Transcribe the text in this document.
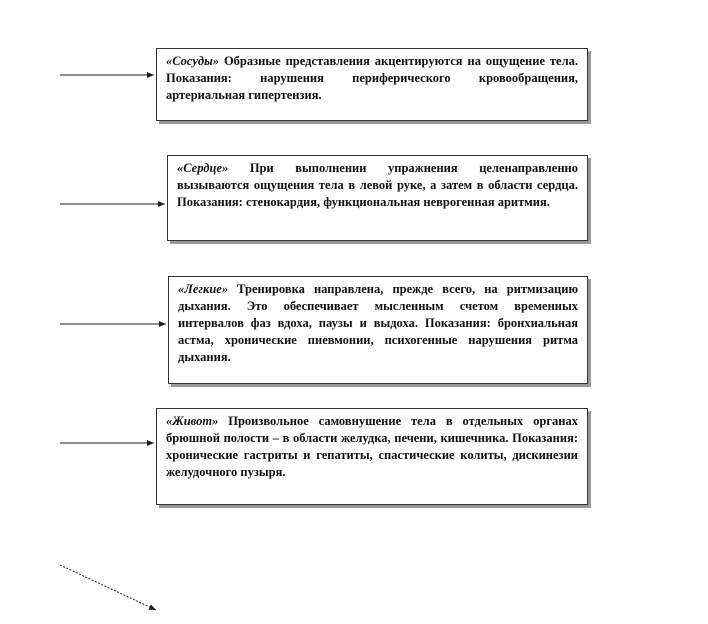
«Сосуды» Образные представления акцентируются на ощущение тела. Показания: нарушения периферического кровообращения, артериальная гипертензия.
«Сердце» При выполнении упражнения целенаправленно вызываются ощущения тела в левой руке, а затем в области сердца. Показания: стенокардия, функциональная неврогенная аритмия.
«Легкие» Тренировка направлена, прежде всего, на ритмизацию дыхания. Это обеспечивает мысленным счетом временных интервалов фаз вдоха, паузы и выдоха. Показания: бронхиальная астма, хронические пневмонии, психогенные нарушения ритма дыхания.
«Живот» Произвольное самовнушение тела в отдельных органах брюшной полости – в области желудка, печени, кишечника. Показания: хронические гастриты и гепатиты, спастические колиты, дискинезии желудочного пузыря.
